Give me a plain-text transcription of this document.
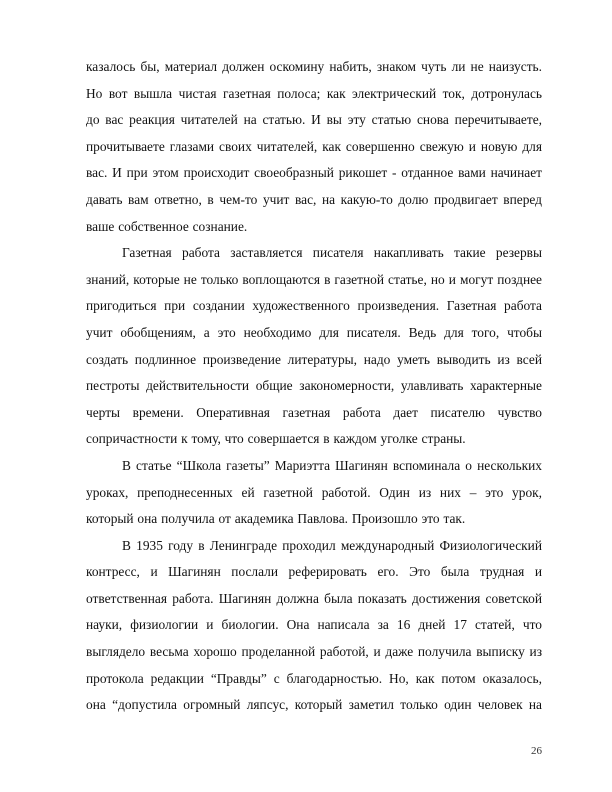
казалось бы, материал должен оскомину набить, знаком чуть ли не наизусть.
Но вот вышла чистая газетная полоса; как электрический ток, дотронулась
до вас реакция читателей на статью. И вы эту статью снова перечитываете,
прочитываете глазами своих читателей, как совершенно свежую и новую для
вас. И при этом происходит своеобразный рикошет - отданное вами начинает
давать вам ответно, в чем-то учит вас, на какую-то долю продвигает вперед
ваше собственное сознание.

Газетная работа заставляется писателя накапливать такие резервы
знаний, которые не только воплощаются в газетной статье, но и могут позднее
пригодиться при создании художественного произведения. Газетная работа
учит обобщениям, а это необходимо для писателя. Ведь для того, чтобы
создать подлинное произведение литературы, надо уметь выводить из всей
пестроты действительности общие закономерности, улавливать характерные
черты времени. Оперативная газетная работа дает писателю чувство
сопричастности к тому, что совершается в каждом уголке страны.

В статье “Школа газеты” Мариэтта Шагинян вспоминала о нескольких
уроках, преподнесенных ей газетной работой. Один из них – это урок,
который она получила от академика Павлова. Произошло это так.

В 1935 году в Ленинграде проходил международный Физиологический
контресс, и Шагинян послали реферировать его. Это была трудная и
ответственная работа. Шагинян должна была показать достижения советской
науки, физиологии и биологии. Она написала за 16 дней 17 статей, что
выглядело весьма хорошо проделанной работой, и даже получила выписку из
протокола редакции “Правды” с благодарностью. Но, как потом оказалось,
она “допустила огромный ляпсус, который заметил только один человек на

26
